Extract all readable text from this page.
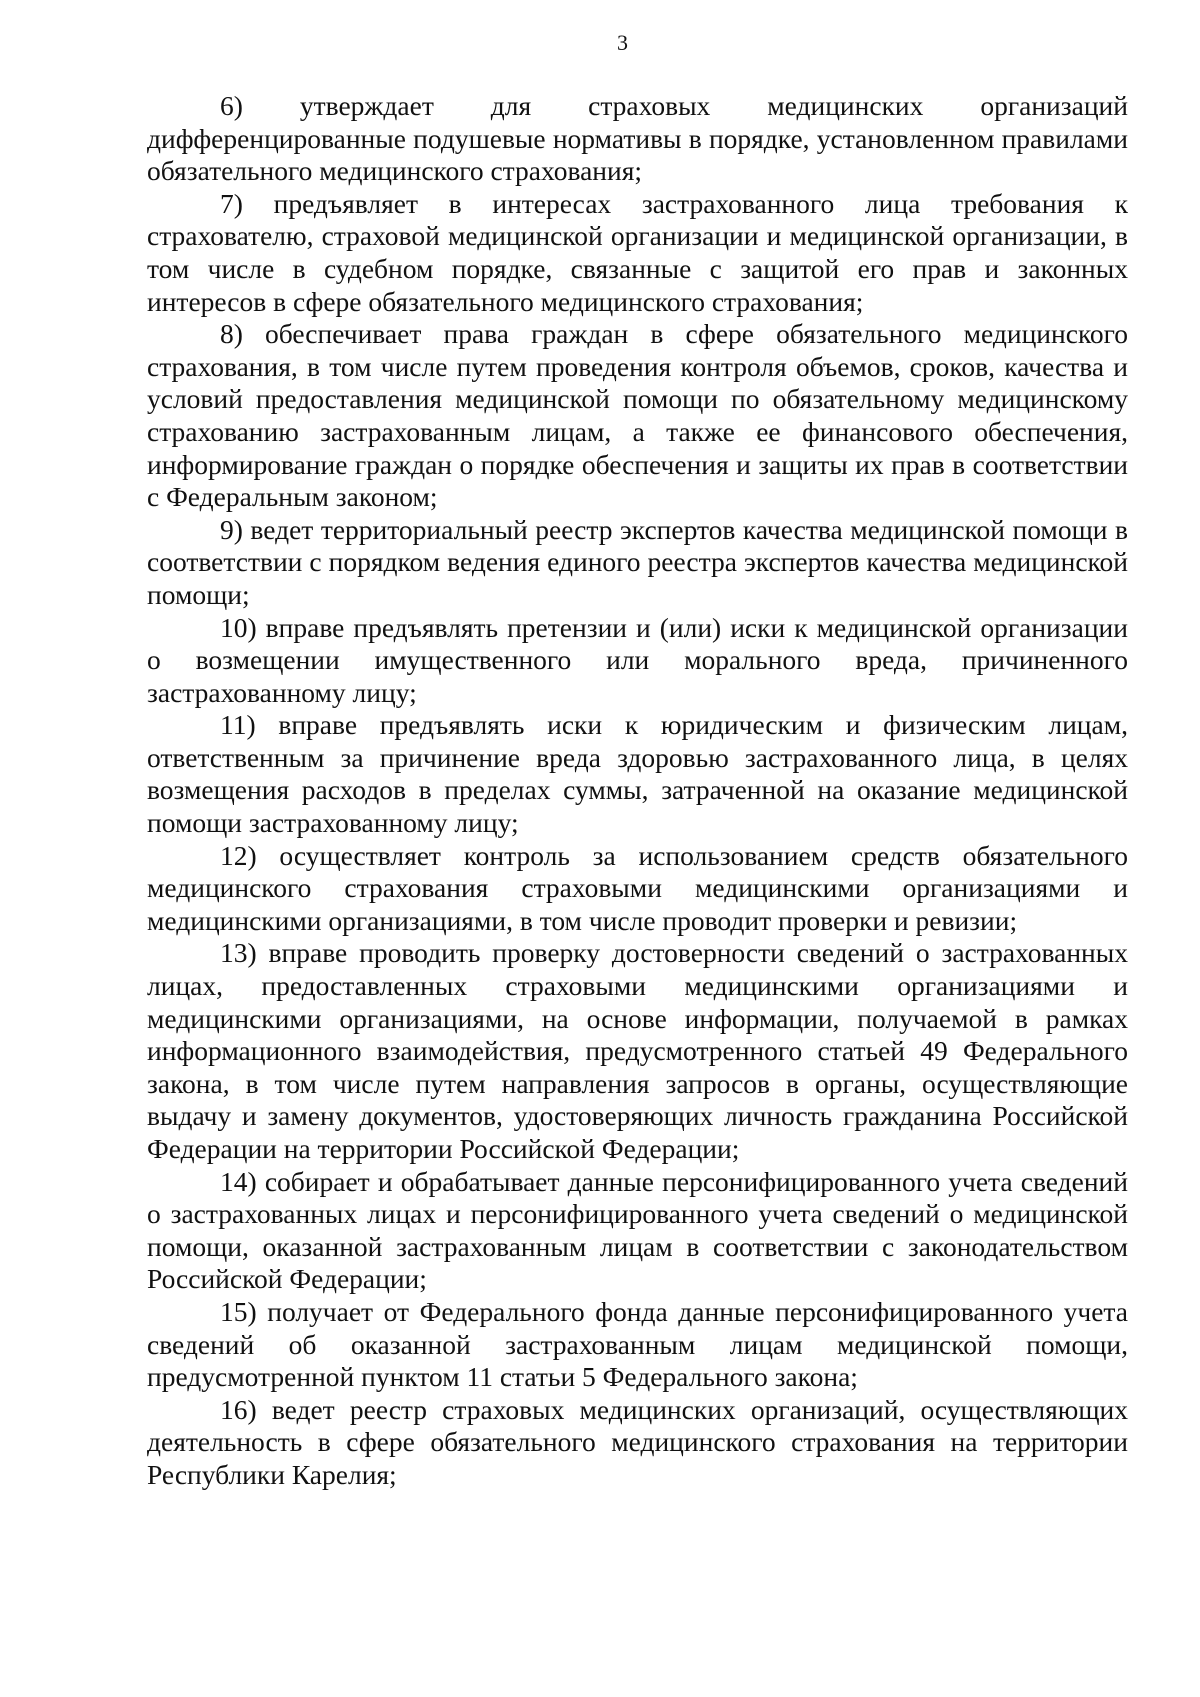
3

6) утверждает для страховых медицинских организаций дифференцированные подушевые нормативы в порядке, установленном правилами обязательного медицинского страхования;

7) предъявляет в интересах застрахованного лица требования к страхователю, страховой медицинской организации и медицинской организации, в том числе в судебном порядке, связанные с защитой его прав и законных интересов в сфере обязательного медицинского страхования;

8) обеспечивает права граждан в сфере обязательного медицинского страхования, в том числе путем проведения контроля объемов, сроков, качества и условий предоставления медицинской помощи по обязательному медицинскому страхованию застрахованным лицам, а также ее финансового обеспечения, информирование граждан о порядке обеспечения и защиты их прав в соответствии с Федеральным законом;

9) ведет территориальный реестр экспертов качества медицинской помощи в соответствии с порядком ведения единого реестра экспертов качества медицинской помощи;

10) вправе предъявлять претензии и (или) иски к медицинской организации о возмещении имущественного или морального вреда, причиненного застрахованному лицу;

11) вправе предъявлять иски к юридическим и физическим лицам, ответственным за причинение вреда здоровью застрахованного лица, в целях возмещения расходов в пределах суммы, затраченной на оказание медицинской помощи застрахованному лицу;

12) осуществляет контроль за использованием средств обязательного медицинского страхования страховыми медицинскими организациями и медицинскими организациями, в том числе проводит проверки и ревизии;

13) вправе проводить проверку достоверности сведений о застрахованных лицах, предоставленных страховыми медицинскими организациями и медицинскими организациями, на основе информации, получаемой в рамках информационного взаимодействия, предусмотренного статьей 49 Федерального закона, в том числе путем направления запросов в органы, осуществляющие выдачу и замену документов, удостоверяющих личность гражданина Российской Федерации на территории Российской Федерации;

14) собирает и обрабатывает данные персонифицированного учета сведений о застрахованных лицах и персонифицированного учета сведений о медицинской помощи, оказанной застрахованным лицам в соответствии с законодательством Российской Федерации;

15) получает от Федерального фонда данные персонифицированного учета сведений об оказанной застрахованным лицам медицинской помощи, предусмотренной пунктом 11 статьи 5 Федерального закона;

16) ведет реестр страховых медицинских организаций, осуществляющих деятельность в сфере обязательного медицинского страхования на территории Республики Карелия;
